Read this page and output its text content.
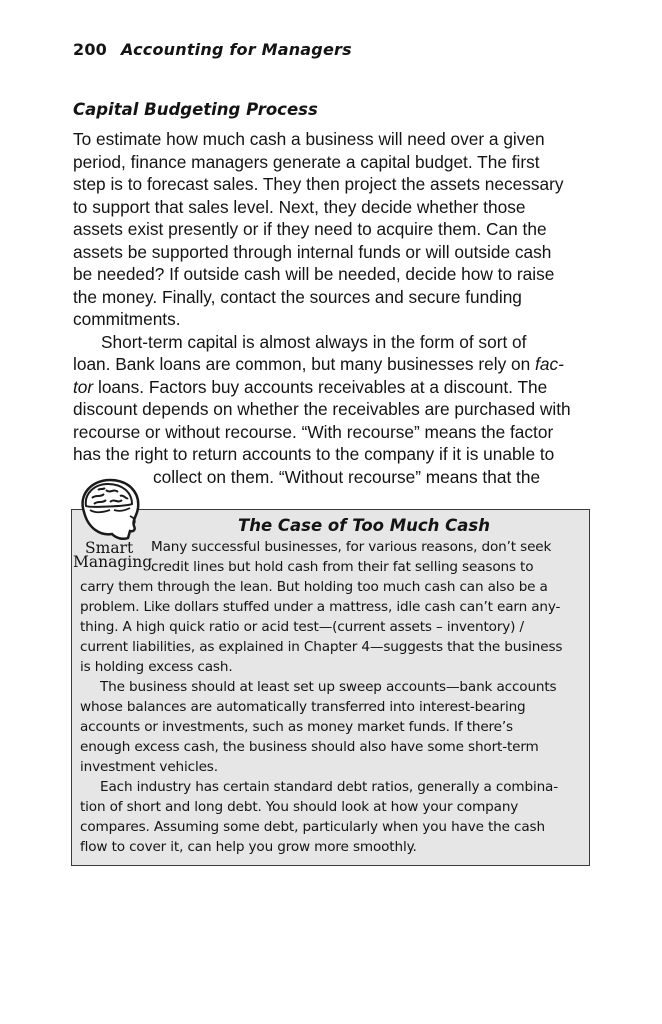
200 Accounting for Managers
Capital Budgeting Process
To estimate how much cash a business will need over a given
period, finance managers generate a capital budget. The first
step is to forecast sales. They then project the assets necessary
to support that sales level. Next, they decide whether those
assets exist presently or if they need to acquire them. Can the
assets be supported through internal funds or will outside cash
be needed? If outside cash will be needed, decide how to raise
the money. Finally, contact the sources and secure funding
commitments.
Short-term capital is almost always in the form of sort of
loan. Bank loans are common, but many businesses rely on fac-
tor loans. Factors buy accounts receivables at a discount. The
discount depends on whether the receivables are purchased with
recourse or without recourse. “With recourse” means the factor
has the right to return accounts to the company if it is unable to
collect on them. “Without recourse” means that the
Smart
Managing
The Case of Too Much Cash
Many successful businesses, for various reasons, don’t seek
credit lines but hold cash from their fat selling seasons to
carry them through the lean. But holding too much cash can also be a
problem. Like dollars stuffed under a mattress, idle cash can’t earn any-
thing. A high quick ratio or acid test—(current assets – inventory) /
current liabilities, as explained in Chapter 4—suggests that the business
is holding excess cash.
The business should at least set up sweep accounts—bank accounts
whose balances are automatically transferred into interest-bearing
accounts or investments, such as money market funds. If there’s
enough excess cash, the business should also have some short-term
investment vehicles.
Each industry has certain standard debt ratios, generally a combina-
tion of short and long debt. You should look at how your company
compares. Assuming some debt, particularly when you have the cash
flow to cover it, can help you grow more smoothly.
